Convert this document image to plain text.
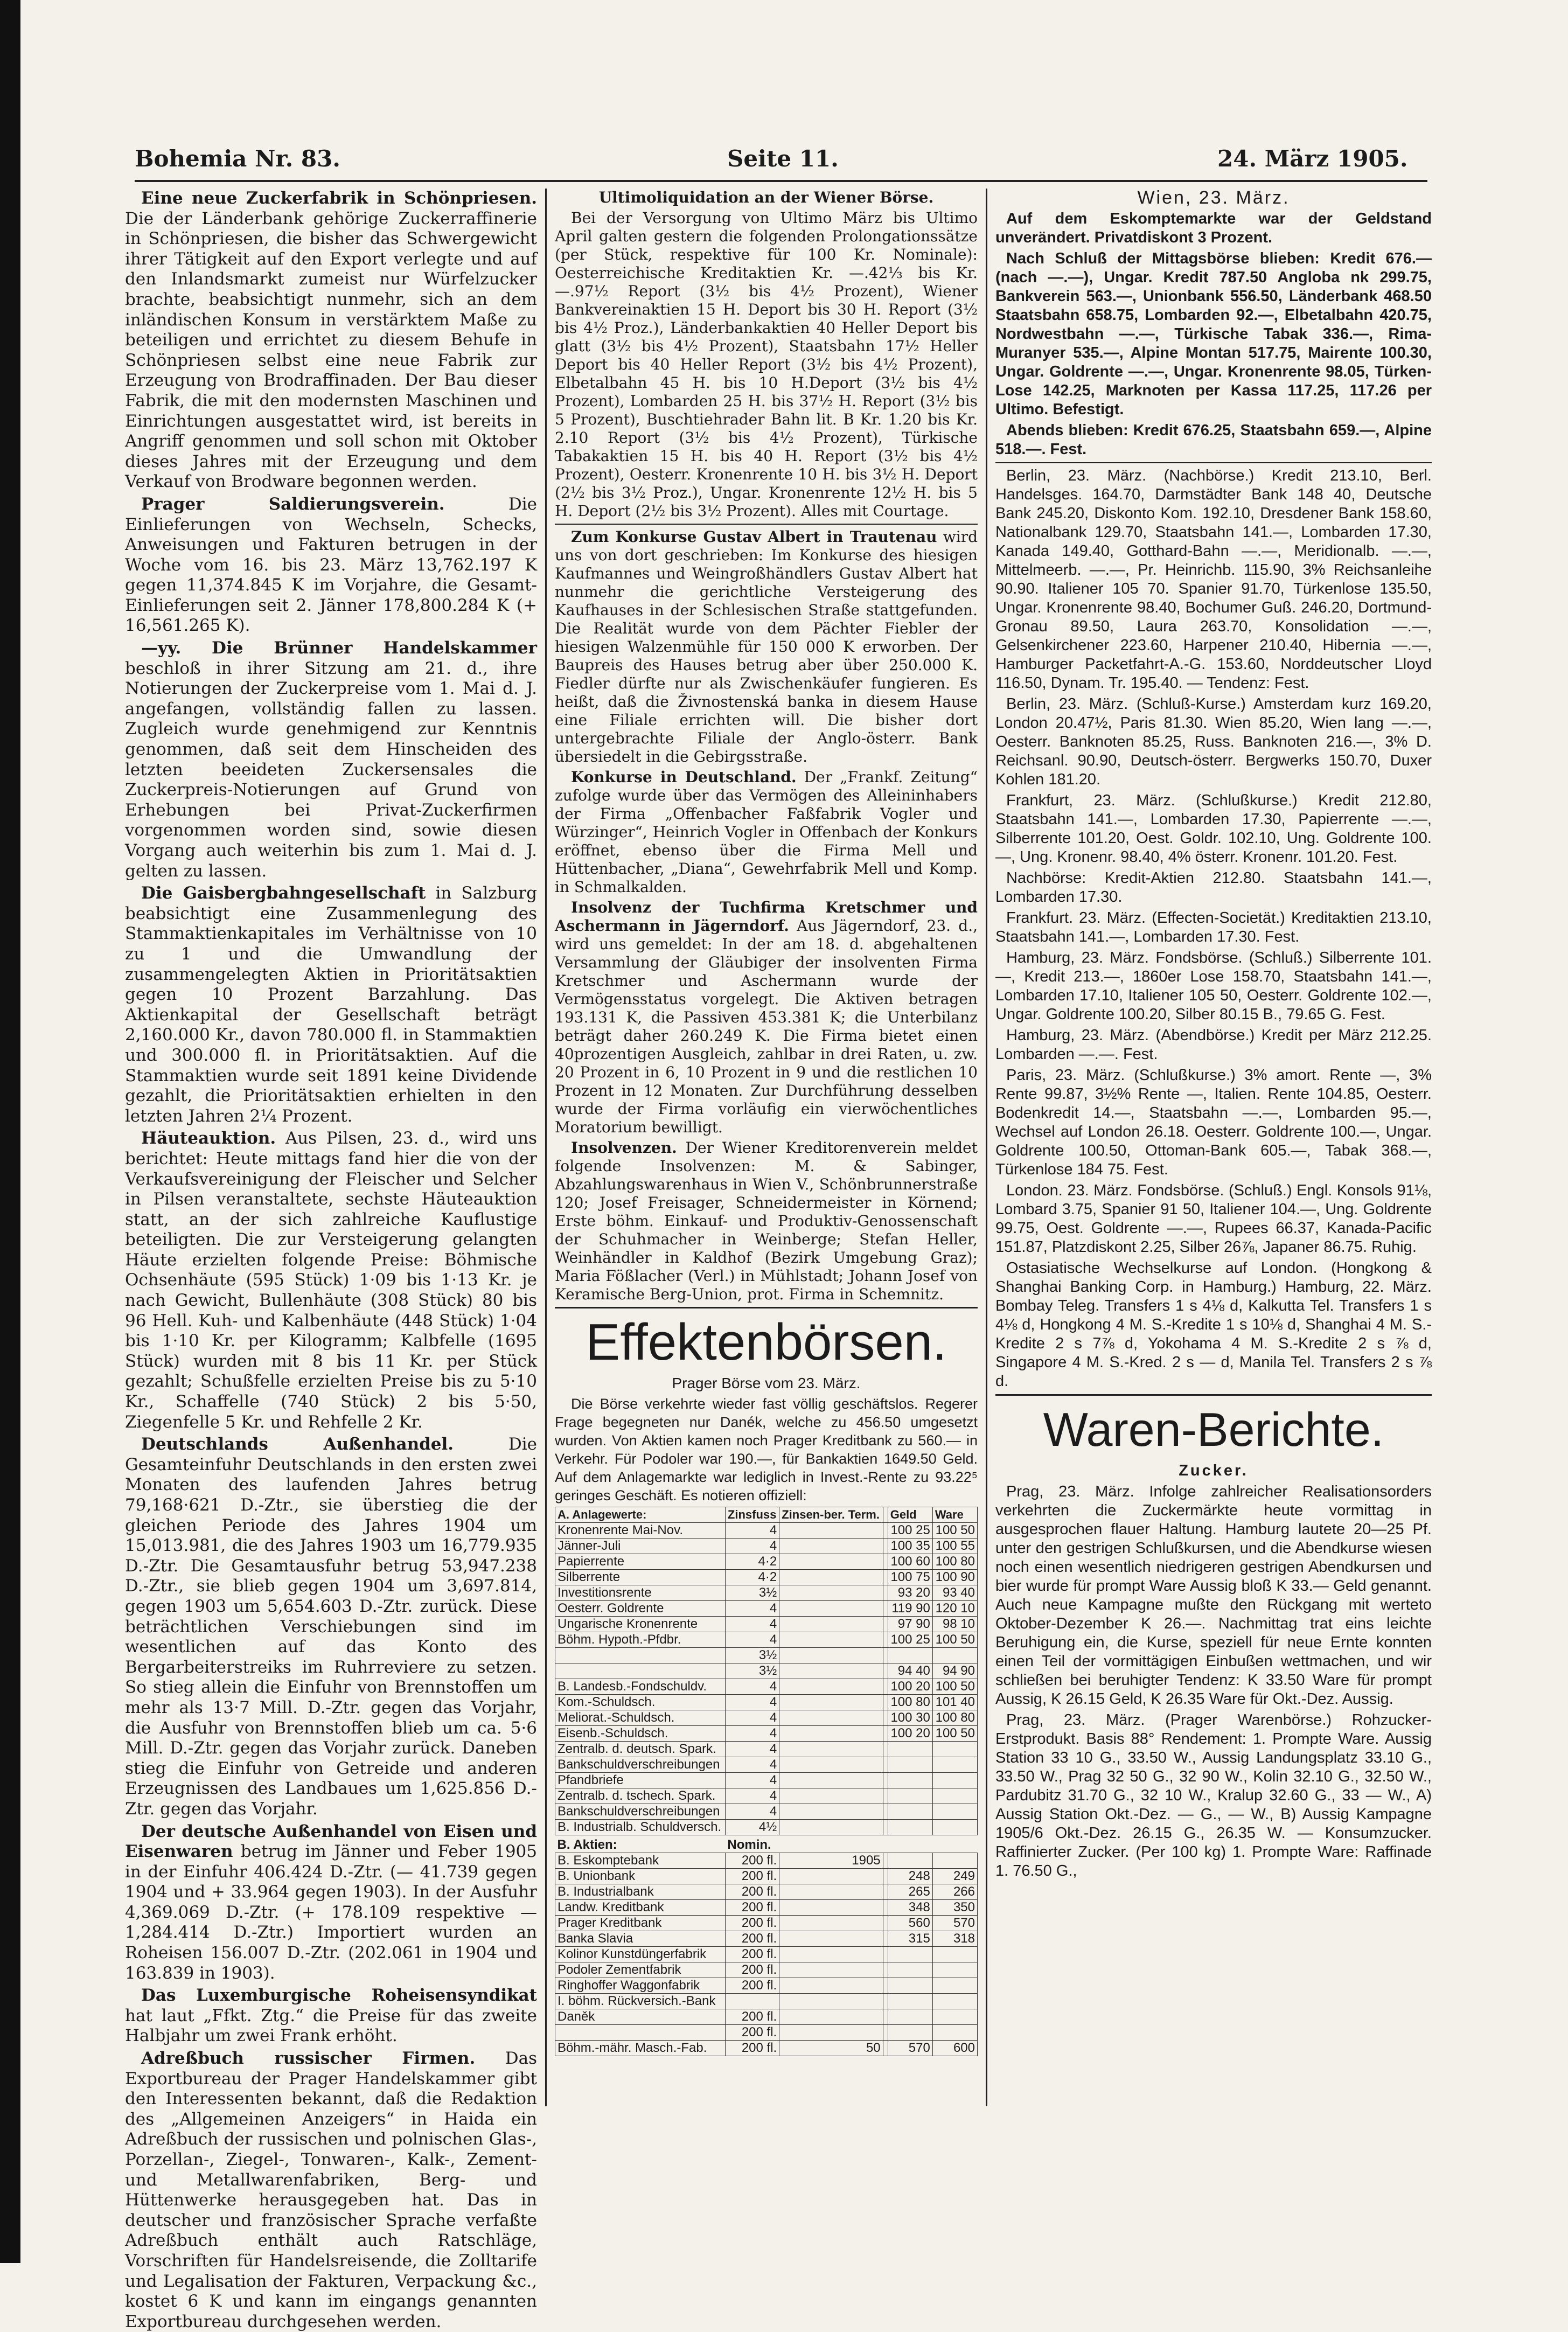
Bohemia Nr. 83.	Seite 11.	24. März 1905.

Eine neue Zuckerfabrik in Schönpriesen. Die der Länderbank gehörige Zuckerraffinerie in Schönpriesen, die bisher das Schwergewicht ihrer Tätigkeit auf den Export verlegte und auf den Inlandsmarkt zumeist nur Würfelzucker brachte, beabsichtigt nunmehr, sich an dem inländischen Konsum in verstärktem Maße zu beteiligen und errichtet zu diesem Behufe in Schönpriesen selbst eine neue Fabrik zur Erzeugung von Brodraffinaden. Der Bau dieser Fabrik, die mit den modernsten Maschinen und Einrichtungen ausgestattet wird, ist bereits in Angriff genommen und soll schon mit Oktober dieses Jahres mit der Erzeugung und dem Verkauf von Brodware begonnen werden.

Prager Saldierungsverein.	Die Einlieferungen von Wechseln, Schecks, Anweisungen und Fakturen betrugen in der Woche vom 16. bis 23. März 13,762.197 K gegen 11,374.845 K im Vorjahre, die Gesamt-Einlieferungen seit 2. Jänner 178,800.284 K (+ 16,561.265 K).

—yy. Die Brünner Handelskammer beschloß in ihrer Sitzung am 21. d., ihre Notierungen der Zuckerpreise vom 1. Mai d. J. angefangen, vollständig fallen zu lassen. Zugleich wurde genehmigend zur Kenntnis genommen, daß seit dem Hinscheiden des letzten beeideten Zuckersensales die Zuckerpreis-Notierungen auf Grund von Erhebungen bei Privat-Zuckerfirmen vorgenommen worden sind, sowie diesen Vorgang auch weiterhin bis zum 1. Mai d. J. gelten zu lassen.

Die Gaisbergbahngesellschaft in Salzburg beabsichtigt eine Zusammenlegung des Stammaktienkapitales im Verhältnisse von 10 zu 1 und die Umwandlung der zusammengelegten Aktien in Prioritätsaktien gegen 10 Prozent Barzahlung. Das Aktienkapital der Gesellschaft beträgt 2,160.000 Kr., davon 780.000 fl. in Stammaktien und 300.000 fl. in Prioritätsaktien. Auf die Stammaktien wurde seit 1891 keine Dividende gezahlt, die Prioritätsaktien erhielten in den letzten Jahren 2¼ Prozent.

Häuteauktion. Aus Pilsen, 23. d., wird uns berichtet: Heute mittags fand hier die von der Verkaufsvereinigung der Fleischer und Selcher in Pilsen veranstaltete, sechste Häuteauktion statt, an der sich zahlreiche Kauflustige beteiligten. Die zur Versteigerung gelangten Häute erzielten folgende Preise: Böhmische Ochsenhäute (595 Stück) 1·09 bis 1·13 Kr. je nach Gewicht, Bullenhäute (308 Stück) 80 bis 96 Hell. Kuh- und Kalbenhäute (448 Stück) 1·04 bis 1·10 Kr. per Kilogramm; Kalbfelle (1695 Stück) wurden mit 8 bis 11 Kr. per Stück gezahlt; Schußfelle erzielten Preise bis zu 5·10 Kr., Schaffelle (740 Stück) 2 bis 5·50, Ziegenfelle 5 Kr. und Rehfelle 2 Kr.

Deutschlands Außenhandel.	Die Gesamteinfuhr Deutschlands in den ersten zwei Monaten des laufenden Jahres betrug 79,168·621 D.-Ztr., sie überstieg die der gleichen Periode des Jahres 1904 um 15,013.981, die des Jahres 1903 um 16,779.935 D.-Ztr. Die Gesamtausfuhr betrug 53,947.238 D.-Ztr., sie blieb gegen 1904 um 3,697.814, gegen 1903 um 5,654.603 D.-Ztr. zurück. Diese beträchtlichen Verschiebungen sind im wesentlichen auf das Konto des Bergarbeiterstreiks im Ruhrreviere zu setzen. So stieg allein die Einfuhr von Brennstoffen um mehr als 13·7 Mill. D.-Ztr. gegen das Vorjahr, die Ausfuhr von Brennstoffen blieb um ca. 5·6 Mill. D.-Ztr. gegen das Vorjahr zurück. Daneben stieg die Einfuhr von Getreide und anderen Erzeugnissen des Landbaues um 1,625.856 D.-Ztr. gegen das Vorjahr.

Der deutsche Außenhandel von Eisen und Eisenwaren betrug im Jänner und Feber 1905 in der Einfuhr 406.424 D.-Ztr. (— 41.739 gegen 1904 und + 33.964 gegen 1903). In der Ausfuhr 4,369.069 D.-Ztr. (+ 178.109 respektive — 1,284.414 D.-Ztr.) Importiert wurden an Roheisen 156.007 D.-Ztr. (202.061 in 1904 und 163.839 in 1903).

Das Luxemburgische Roheisensyndikat hat laut „Ffkt. Ztg.“ die Preise für das zweite Halbjahr um zwei Frank erhöht.

Adreßbuch russischer Firmen. Das Exportbureau der Prager Handelskammer gibt den Interessenten bekannt, daß die Redaktion des „Allgemeinen Anzeigers“ in Haida ein Adreßbuch der russischen und polnischen Glas-, Porzellan-, Ziegel-, Tonwaren-, Kalk-, Zement- und Metallwarenfabriken, Berg- und Hüttenwerke herausgegeben hat. Das in deutscher und französischer Sprache verfaßte Adreßbuch enthält auch Ratschläge, Vorschriften für Handelsreisende, die Zolltarife und Legalisation der Fakturen, Verpackung &c., kostet 6 K und kann im eingangs genannten Exportbureau durchgesehen werden.

Ultimoliquidation an der Wiener Börse.

Bei der Versorgung von Ultimo März bis Ultimo April galten gestern die folgenden Prolongationssätze (per Stück, respektive für 100 Kr. Nominale): Oesterreichische Kreditaktien Kr. —.42⅓ bis Kr. —.97½ Report (3½ bis 4½ Prozent), Wiener Bankvereinaktien 15 H. Deport bis 30 H. Report (3½ bis 4½ Proz.), Länderbankaktien 40 Heller Deport bis glatt (3½ bis 4½ Prozent), Staatsbahn 17½ Heller Deport bis 40 Heller Report (3½ bis 4½ Prozent), Elbetalbahn 45 H. bis 10 H.Deport (3½ bis 4½ Prozent), Lombarden 25 H. bis 37½ H. Report (3½ bis 5 Prozent), Buschtiehrader Bahn lit. B Kr. 1.20 bis Kr. 2.10 Report (3½ bis 4½ Prozent), Türkische Tabakaktien 15 H. bis 40 H. Report (3½ bis 4½ Prozent), Oesterr. Kronenrente 10 H. bis 3½ H. Deport (2½ bis 3½ Proz.), Ungar. Kronenrente 12½ H. bis 5 H. Deport (2½ bis 3½ Prozent). Alles mit Courtage.

Zum Konkurse Gustav Albert in Trautenau wird uns von dort geschrieben: Im Konkurse des hiesigen Kaufmannes und Weingroßhändlers Gustav Albert hat nunmehr die gerichtliche Versteigerung des Kaufhauses in der Schlesischen Straße stattgefunden. Die Realität wurde von dem Pächter Fiebler der hiesigen Walzenmühle für 150 000 K erworben. Der Baupreis des Hauses betrug aber über 250.000 K. Fiedler dürfte nur als Zwischenkäufer fungieren. Es heißt, daß die Živnostenská banka in diesem Hause eine Filiale errichten will. Die bisher dort untergebrachte Filiale der Anglo-österr. Bank übersiedelt in die Gebirgsstraße.

Konkurse in Deutschland. Der „Frankf. Zeitung“ zufolge wurde über das Vermögen des Alleininhabers der Firma „Offenbacher Faßfabrik Vogler und Würzinger“, Heinrich Vogler in Offenbach der Konkurs eröffnet, ebenso über die Firma Mell und Hüttenbacher, „Diana“, Gewehrfabrik Mell und Komp. in Schmalkalden.

Insolvenz der Tuchfirma Kretschmer und Aschermann in Jägerndorf. Aus Jägerndorf, 23. d., wird uns gemeldet: In der am 18. d. abgehaltenen Versammlung der Gläubiger der insolventen Firma Kretschmer und Aschermann wurde der Vermögensstatus vorgelegt. Die Aktiven betragen 193.131 K, die Passiven 453.381 K; die Unterbilanz beträgt daher 260.249 K. Die Firma bietet einen 40prozentigen Ausgleich, zahlbar in drei Raten, u. zw. 20 Prozent in 6, 10 Prozent in 9 und die restlichen 10 Prozent in 12 Monaten. Zur Durchführung desselben wurde der Firma vorläufig ein vierwöchentliches Moratorium bewilligt.

Insolvenzen. Der Wiener Kreditorenverein meldet folgende Insolvenzen: M. & Sabinger, Abzahlungswarenhaus in Wien V., Schönbrunnerstraße 120; Josef Freisager, Schneidermeister in Körnend; Erste böhm. Einkauf- und Produktiv-Genossenschaft der Schuhmacher in Weinberge; Stefan Heller, Weinhändler in Kaldhof (Bezirk Umgebung Graz); Maria Fößlacher (Verl.) in Mühlstadt; Johann Josef von Keramische Berg-Union, prot. Firma in Schemnitz.

Effektenbörsen.

Prager Börse vom 23. März.

Die Börse verkehrte wieder fast völlig geschäftslos. Regerer Frage begegneten nur Danék, welche zu 456.50 umgesetzt wurden. Von Aktien kamen noch Prager Kreditbank zu 560.— in Verkehr. Für Podoler war 190.—, für Bankaktien 1649.50 Geld. Auf dem Anlagemarkte war lediglich in Invest.-Rente zu 93.22⁵ geringes Geschäft. Es notieren offiziell:

A. Anlagewerte:	Zinsfuss	Zinsen-ber. Term.		Geld	Ware
Kronenrente Mai-Nov.	4			100 25	100 50
Jänner-Juli	4			100 35	100 55
Papierrente	4·2			100 60	100 80
Silberrente	4·2			100 75	100 90
Investitionsrente	3½			93 20	93 40
Oesterr. Goldrente	4			119 90	120 10
Ungarische Kronenrente	4			97 90	98 10
Böhm. Hypoth.-Pfdbr.	4			100 25	100 50
	3½				
	3½			94 40	94 90
B. Landesb.-Fondschuldv.	4			100 20	100 50
Kom.-Schuldsch.	4			100 80	101 40
Meliorat.-Schuldsch.	4			100 30	100 80
Eisenb.-Schuldsch.	4			100 20	100 50
Zentralb. d. deutsch. Spark.	4				
Bankschuldverschreibungen	4				
Pfandbriefe	4				
Zentralb. d. tschech. Spark.	4				
Bankschuldverschreibungen	4				
B. Industrialb. Schuldversch.	4½				
B. Aktien:	Nomin.				
B. Eskomptebank	200 fl.	1905			
B. Unionbank	200 fl.			248	249
B. Industrialbank	200 fl.			265	266
Landw. Kreditbank	200 fl.			348	350
Prager Kreditbank	200 fl.			560	570
Banka Slavia	200 fl.			315	318
Kolinor Kunstdüngerfabrik	200 fl.				
Podoler Zementfabrik	200 fl.				
Ringhoffer Waggonfabrik	200 fl.				
I. böhm. Rückversich.-Bank					
Daněk	200 fl.				
	200 fl.				
Böhm.-mähr. Masch.-Fab.	200 fl.	50		570	600

Wien, 23. März.

Auf dem Eskomptemarkte war der Geldstand unverändert. Privatdiskont 3 Prozent.

Nach Schluß der Mittagsbörse blieben: Kredit 676.— (nach —.—), Ungar. Kredit 787.50 Angloba nk 299.75, Bankverein 563.—, Unionbank 556.50, Länderbank 468.50 Staatsbahn 658.75, Lombarden 92.—, Elbetalbahn 420.75, Nordwestbahn —.—, Türkische Tabak 336.—, Rima-Muranyer 535.—, Alpine Montan 517.75, Mairente 100.30, Ungar. Goldrente —.—, Ungar. Kronenrente 98.05, Türken-Lose 142.25, Marknoten per Kassa 117.25, 117.26 per Ultimo. Befestigt.

Abends blieben: Kredit 676.25, Staatsbahn 659.—, Alpine 518.—. Fest.

Berlin, 23. März. (Nachbörse.) Kredit 213.10, Berl. Handelsges. 164.70, Darmstädter Bank 148 40, Deutsche Bank 245.20, Diskonto Kom. 192.10, Dresdener Bank 158.60, Nationalbank 129.70, Staatsbahn 141.—, Lombarden 17.30, Kanada 149.40, Gotthard-Bahn —.—, Meridionalb. —.—, Mittelmeerb. —.—, Pr. Heinrichb. 115.90, 3% Reichsanleihe 90.90. Italiener 105 70. Spanier 91.70, Türkenlose 135.50, Ungar. Kronenrente 98.40, Bochumer Guß. 246.20, Dortmund-Gronau 89.50, Laura 263.70, Konsolidation —.—, Gelsenkirchener 223.60, Harpener 210.40, Hibernia —.—, Hamburger Packetfahrt-A.-G. 153.60, Norddeutscher Lloyd 116.50, Dynam. Tr. 195.40. — Tendenz: Fest.

Berlin, 23. März. (Schluß-Kurse.) Amsterdam kurz 169.20, London 20.47½, Paris 81.30. Wien 85.20, Wien lang —.—, Oesterr. Banknoten 85.25, Russ. Banknoten 216.—, 3% D. Reichsanl. 90.90, Deutsch-österr. Bergwerks 150.70, Duxer Kohlen 181.20.

Frankfurt, 23. März. (Schlußkurse.) Kredit 212.80, Staatsbahn 141.—, Lombarden 17.30, Papierrente —.—, Silberrente 101.20, Oest. Goldr. 102.10, Ung. Goldrente 100.—, Ung. Kronenr. 98.40, 4% österr. Kronenr. 101.20. Fest.

Nachbörse: Kredit-Aktien 212.80. Staatsbahn 141.—, Lombarden 17.30.

Frankfurt. 23. März. (Effecten-Societät.) Kreditaktien 213.10, Staatsbahn 141.—, Lombarden 17.30. Fest.

Hamburg, 23. März. Fondsbörse. (Schluß.) Silberrente 101.—, Kredit 213.—, 1860er Lose 158.70, Staatsbahn 141.—, Lombarden 17.10, Italiener 105 50, Oesterr. Goldrente 102.—, Ungar. Goldrente 100.20, Silber 80.15 B., 79.65 G. Fest.

Hamburg, 23. März. (Abendbörse.) Kredit per März 212.25. Lombarden —.—. Fest.

Paris, 23. März. (Schlußkurse.) 3% amort. Rente —, 3% Rente 99.87, 3½% Rente —, Italien. Rente 104.85, Oesterr. Bodenkredit 14.—, Staatsbahn —.—, Lombarden 95.—, Wechsel auf London 26.18. Oesterr. Goldrente 100.—, Ungar. Goldrente 100.50, Ottoman-Bank 605.—, Tabak 368.—, Türkenlose 184 75. Fest.

London. 23. März. Fondsbörse. (Schluß.) Engl. Konsols 91⅛, Lombard 3.75, Spanier 91 50, Italiener 104.—, Ung. Goldrente 99.75, Oest. Goldrente —.—, Rupees 66.37, Kanada-Pacific 151.87, Platzdiskont 2.25, Silber 26⅞, Japaner 86.75. Ruhig.

Ostasiatische Wechselkurse auf London. (Hongkong & Shanghai Banking Corp. in Hamburg.) Hamburg, 22. März. Bombay Teleg. Transfers 1 s 4⅛ d, Kalkutta Tel. Transfers 1 s 4⅛ d, Hongkong 4 M. S.-Kredite 1 s 10⅛ d, Shanghai 4 M. S.-Kredite 2 s 7⅞ d, Yokohama 4 M. S.-Kredite 2 s ⅞ d, Singapore 4 M. S.-Kred. 2 s — d, Manila Tel. Transfers 2 s ⅞ d.

Waren-Berichte.

Zucker.

Prag, 23. März. Infolge zahlreicher Realisationsorders verkehrten die Zuckermärkte heute vormittag in ausgesprochen flauer Haltung. Hamburg lautete 20—25 Pf. unter den gestrigen Schlußkursen, und die Abendkurse wiesen noch einen wesentlich niedrigeren gestrigen Abendkursen und bier wurde für prompt Ware Aussig bloß K 33.— Geld genannt. Auch neue Kampagne mußte den Rückgang mit werteto Oktober-Dezember K 26.—. Nachmittag trat eins leichte Beruhigung ein, die Kurse, speziell für neue Ernte konnten einen Teil der vormittägigen Einbußen wettmachen, und wir schließen bei beruhigter Tendenz: K 33.50 Ware für prompt Aussig, K 26.15 Geld, K 26.35 Ware für Okt.-Dez. Aussig.

Prag, 23. März. (Prager Warenbörse.) Rohzucker-Erstprodukt. Basis 88° Rendement: 1. Prompte Ware. Aussig Station 33 10 G., 33.50 W., Aussig Landungsplatz 33.10 G., 33.50 W., Prag 32 50 G., 32 90 W., Kolin 32.10 G., 32.50 W., Pardubitz 31.70 G., 32 10 W., Kralup 32.60 G., 33 — W., A) Aussig Station Okt.-Dez. — G., — W., B) Aussig Kampagne 1905/6 Okt.-Dez. 26.15 G., 26.35 W. — Konsumzucker. Raffinierter Zucker. (Per 100 kg) 1. Prompte Ware: Raffinade 1. 76.50 G.,
